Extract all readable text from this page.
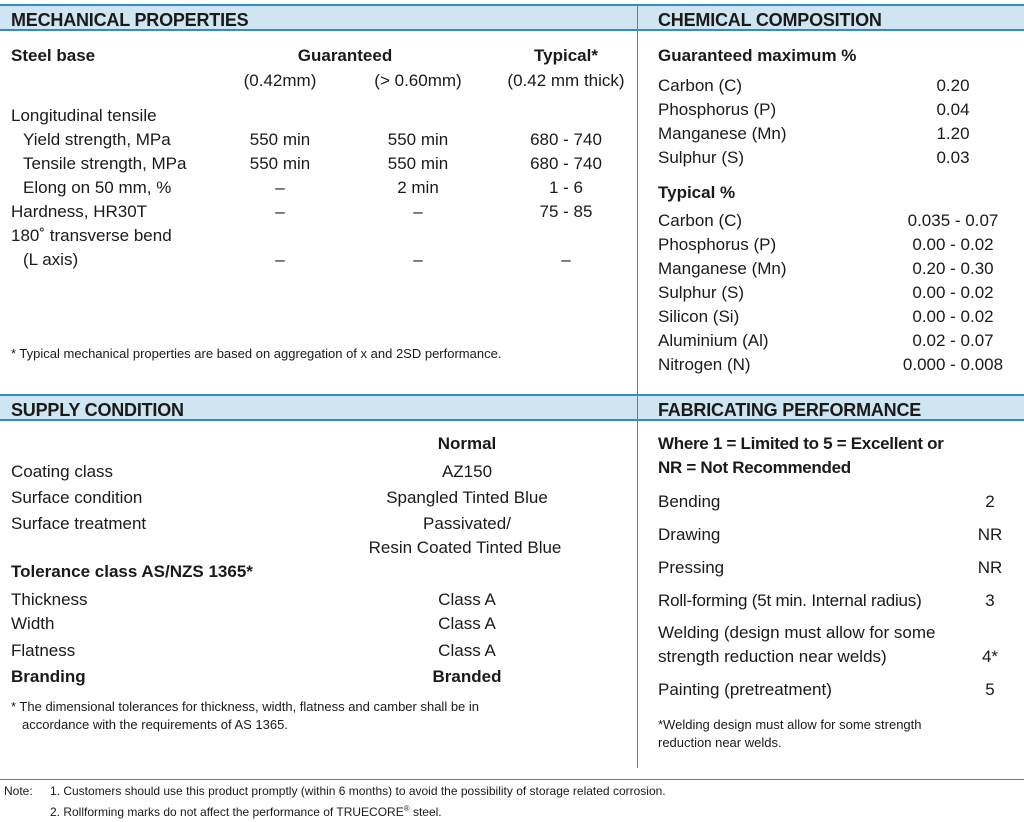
MECHANICAL PROPERTIES	CHEMICAL COMPOSITION
Steel base	Guaranteed	Typical*
(0.42mm)	(> 0.60mm)	(0.42 mm thick)
Longitudinal tensile
Yield strength, MPa	550 min	550 min	680 - 740
Tensile strength, MPa	550 min	550 min	680 - 740
Elong on 50 mm, %	–	2 min	1 - 6
Hardness, HR30T	–	–	75 - 85
180˚ transverse bend
(L axis)	–	–	–
* Typical mechanical properties are based on aggregation of x and 2SD performance.
Guaranteed maximum %
Carbon (C)	0.20
Phosphorus (P)	0.04
Manganese (Mn)	1.20
Sulphur (S)	0.03
Typical %
Carbon (C)	0.035 - 0.07
Phosphorus (P)	0.00 - 0.02
Manganese (Mn)	0.20 - 0.30
Sulphur (S)	0.00 - 0.02
Silicon (Si)	0.00 - 0.02
Aluminium (Al)	0.02 - 0.07
Nitrogen (N)	0.000 - 0.008
SUPPLY CONDITION	FABRICATING PERFORMANCE
Normal
Coating class	AZ150
Surface condition	Spangled Tinted Blue
Surface treatment	Passivated/
Resin Coated Tinted Blue
Tolerance class AS/NZS 1365*
Thickness	Class A
Width	Class A
Flatness	Class A
Branding	Branded
* The dimensional tolerances for thickness, width, flatness and camber shall be in
accordance with the requirements of AS 1365.
Where 1 = Limited to 5 = Excellent or
NR = Not Recommended
Bending	2
Drawing	NR
Pressing	NR
Roll-forming (5t min. Internal radius)	3
Welding (design must allow for some
strength reduction near welds)	4*
Painting (pretreatment)	5
*Welding design must allow for some strength
reduction near welds.
Note: 1. Customers should use this product promptly (within 6 months) to avoid the possibility of storage related corrosion.
2. Rollforming marks do not affect the performance of TRUECORE® steel.
